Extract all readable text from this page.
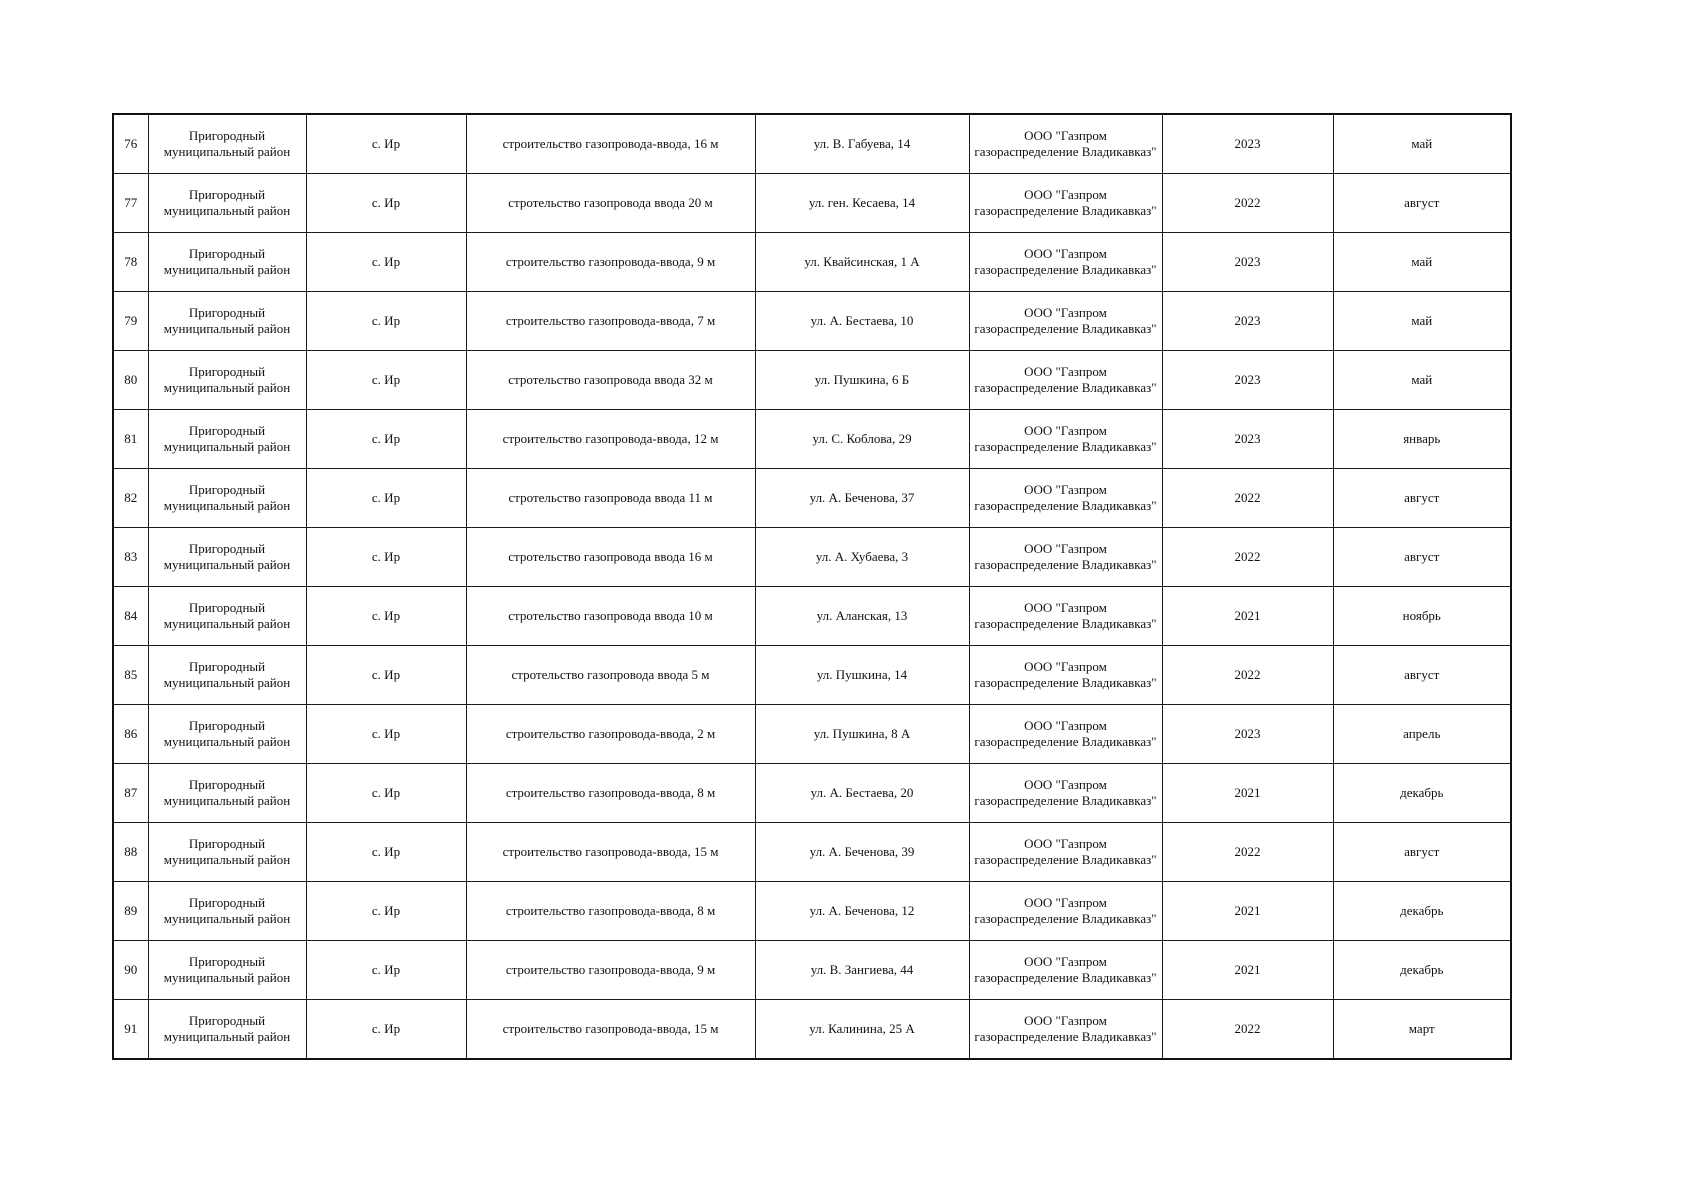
76	Пригородный
муниципальный район	с. Ир	строительство газопровода-ввода, 16 м	ул. В. Габуева, 14	ООО "Газпром
газораспределение Владикавказ"	2023	май

77	Пригородный
муниципальный район	с. Ир	стротельство газопровода ввода 20 м	ул. ген. Кесаева, 14	ООО "Газпром
газораспределение Владикавказ"	2022	август

78	Пригородный
муниципальный район	с. Ир	строительство газопровода-ввода, 9 м	ул. Квайсинская, 1 А	ООО "Газпром
газораспределение Владикавказ"	2023	май

79	Пригородный
муниципальный район	с. Ир	строительство газопровода-ввода, 7 м	ул. А. Бестаева, 10	ООО "Газпром
газораспределение Владикавказ"	2023	май

80	Пригородный
муниципальный район	с. Ир	стротельство газопровода ввода 32 м	ул. Пушкина, 6 Б	ООО "Газпром
газораспределение Владикавказ"	2023	май

81	Пригородный
муниципальный район	с. Ир	строительство газопровода-ввода, 12 м	ул. С. Коблова, 29	ООО "Газпром
газораспределение Владикавказ"	2023	январь

82	Пригородный
муниципальный район	с. Ир	стротельство газопровода ввода 11 м	ул. А. Беченова, 37	ООО "Газпром
газораспределение Владикавказ"	2022	август

83	Пригородный
муниципальный район	с. Ир	стротельство газопровода ввода 16 м	ул. А. Хубаева, 3	ООО "Газпром
газораспределение Владикавказ"	2022	август

84	Пригородный
муниципальный район	с. Ир	стротельство газопровода ввода 10 м	ул. Аланская, 13	ООО "Газпром
газораспределение Владикавказ"	2021	ноябрь

85	Пригородный
муниципальный район	с. Ир	стротельство газопровода ввода 5 м	ул. Пушкина, 14	ООО "Газпром
газораспределение Владикавказ"	2022	август

86	Пригородный
муниципальный район	с. Ир	строительство газопровода-ввода, 2 м	ул. Пушкина, 8 А	ООО "Газпром
газораспределение Владикавказ"	2023	апрель

87	Пригородный
муниципальный район	с. Ир	строительство газопровода-ввода, 8 м	ул. А. Бестаева, 20	ООО "Газпром
газораспределение Владикавказ"	2021	декабрь

88	Пригородный
муниципальный район	с. Ир	строительство газопровода-ввода, 15 м	ул. А. Беченова, 39	ООО "Газпром
газораспределение Владикавказ"	2022	август

89	Пригородный
муниципальный район	с. Ир	строительство газопровода-ввода, 8 м	ул. А. Беченова, 12	ООО "Газпром
газораспределение Владикавказ"	2021	декабрь

90	Пригородный
муниципальный район	с. Ир	строительство газопровода-ввода, 9 м	ул. В. Зангиева, 44	ООО "Газпром
газораспределение Владикавказ"	2021	декабрь

91	Пригородный
муниципальный район	с. Ир	строительство газопровода-ввода, 15 м	ул. Калинина, 25 А	ООО "Газпром
газораспределение Владикавказ"	2022	март
